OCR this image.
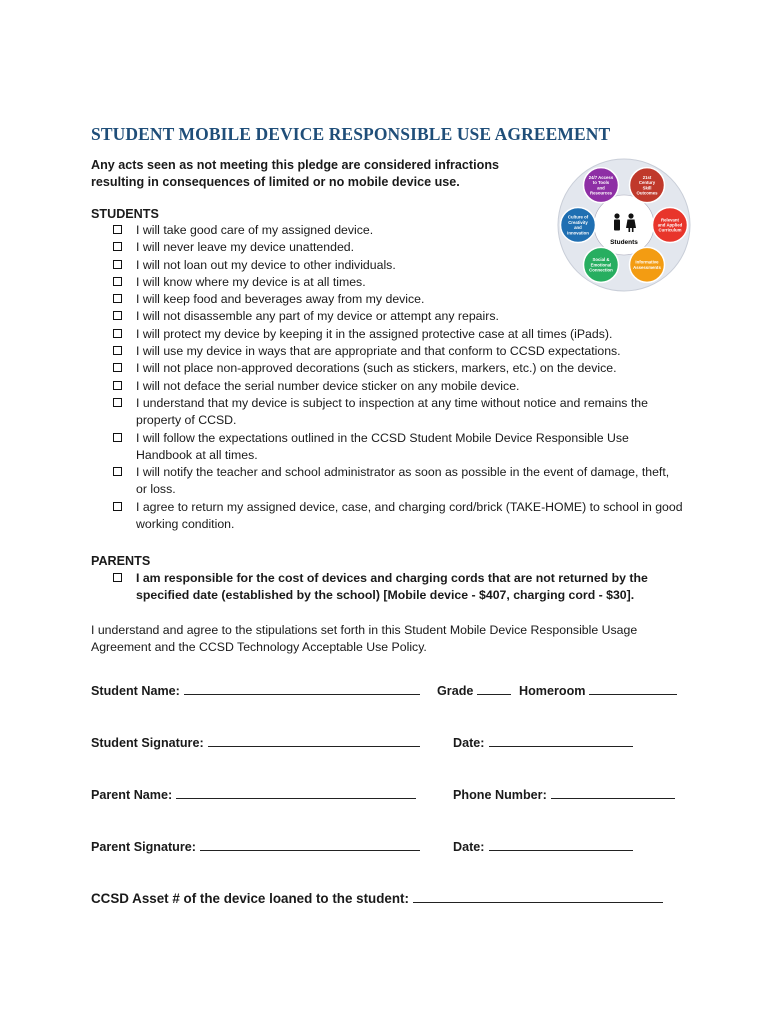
STUDENT MOBILE DEVICE RESPONSIBLE USE AGREEMENT

Any acts seen as not meeting this pledge are considered infractions resulting in consequences of limited or no mobile device use.	21st Century Skill Outcomes
Relevant and Applied Curriculum
Informative Assessments
Social & Emotional Connection
Culture of Creativity and Innovation
24/7 Access to Tools and Resources
Students

STUDENTS

I will take good care of my assigned device.
I will never leave my device unattended.
I will not loan out my device to other individuals.
I will know where my device is at all times.
I will keep food and beverages away from my device.
I will not disassemble any part of my device or attempt any repairs.
I will protect my device by keeping it in the assigned protective case at all times (iPads).
I will use my device in ways that are appropriate and that conform to CCSD expectations.
I will not place non-approved decorations (such as stickers, markers, etc.) on the device.
I will not deface the serial number device sticker on any mobile device.
I understand that my device is subject to inspection at any time without notice and remains the property of CCSD.
I will follow the expectations outlined in the CCSD Student Mobile Device Responsible Use Handbook at all times.
I will notify the teacher and school administrator as soon as possible in the event of damage, theft, or loss.
I agree to return my assigned device, case, and charging cord/brick (TAKE-HOME) to school in good working condition.

PARENTS

I am responsible for the cost of devices and charging cords that are not returned by the specified date (established by the school) [Mobile device - $407, charging cord - $30].

I understand and agree to the stipulations set forth in this Student Mobile Device Responsible Usage Agreement and the CCSD Technology Acceptable Use Policy.

Student Name:	Grade	Homeroom
Student Signature:	Date:
Parent Name:	Phone Number:
Parent Signature:	Date:
CCSD Asset # of the device loaned to the student:
